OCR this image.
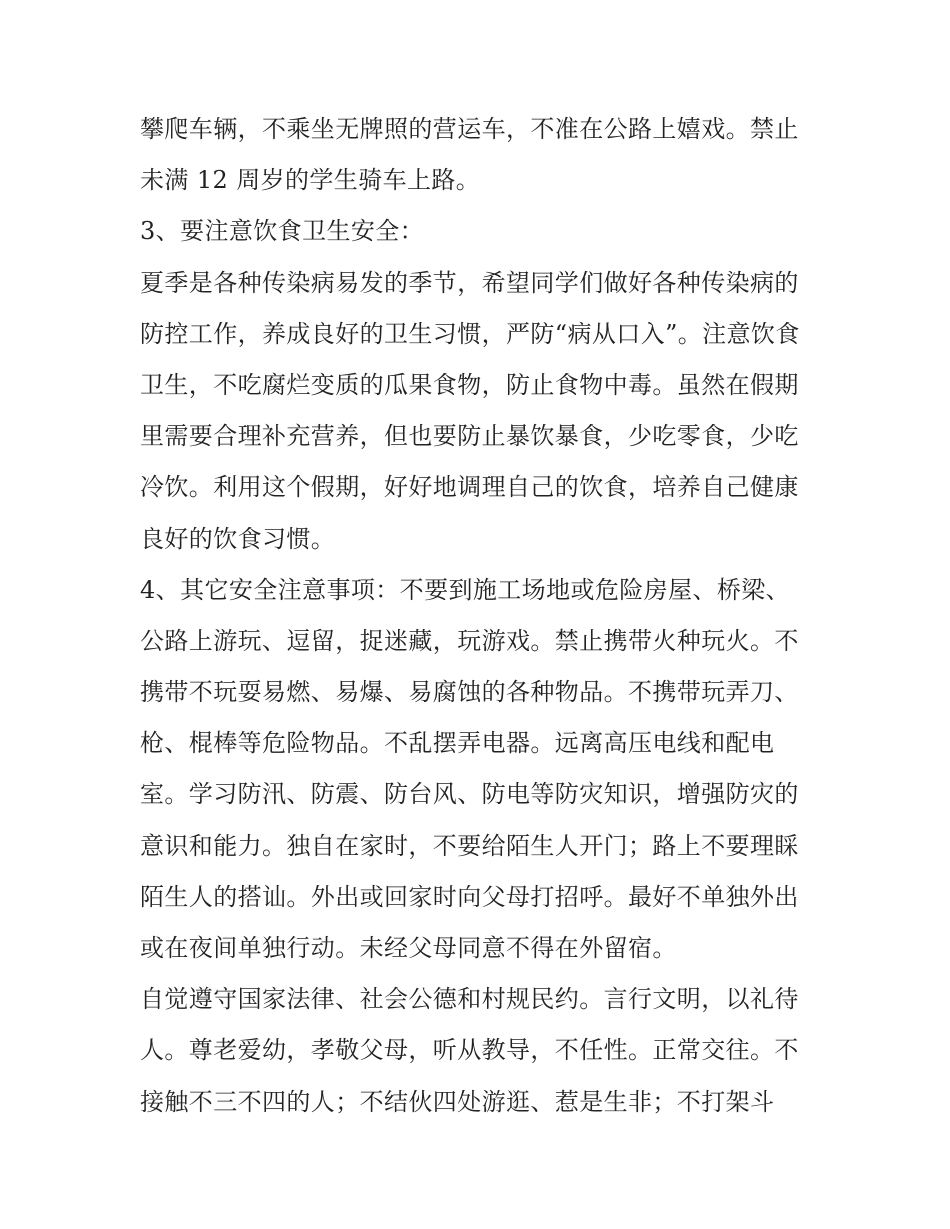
攀爬车辆，不乘坐无牌照的营运车，不准在公路上嬉戏。禁止
未满 12 周岁的学生骑车上路。
3、要注意饮食卫生安全：
夏季是各种传染病易发的季节，希望同学们做好各种传染病的
防控工作，养成良好的卫生习惯，严防“病从口入”。注意饮食
卫生，不吃腐烂变质的瓜果食物，防止食物中毒。虽然在假期
里需要合理补充营养，但也要防止暴饮暴食，少吃零食，少吃
冷饮。利用这个假期，好好地调理自己的饮食，培养自己健康
良好的饮食习惯。
4、其它安全注意事项：不要到施工场地或危险房屋、桥梁、
公路上游玩、逗留，捉迷藏，玩游戏。禁止携带火种玩火。不
携带不玩耍易燃、易爆、易腐蚀的各种物品。不携带玩弄刀、
枪、棍棒等危险物品。不乱摆弄电器。远离高压电线和配电
室。学习防汛、防震、防台风、防电等防灾知识，增强防灾的
意识和能力。独自在家时，不要给陌生人开门；路上不要理睬
陌生人的搭讪。外出或回家时向父母打招呼。最好不单独外出
或在夜间单独行动。未经父母同意不得在外留宿。
自觉遵守国家法律、社会公德和村规民约。言行文明，以礼待
人。尊老爱幼，孝敬父母，听从教导，不任性。正常交往。不
接触不三不四的人；不结伙四处游逛、惹是生非；不打架斗
